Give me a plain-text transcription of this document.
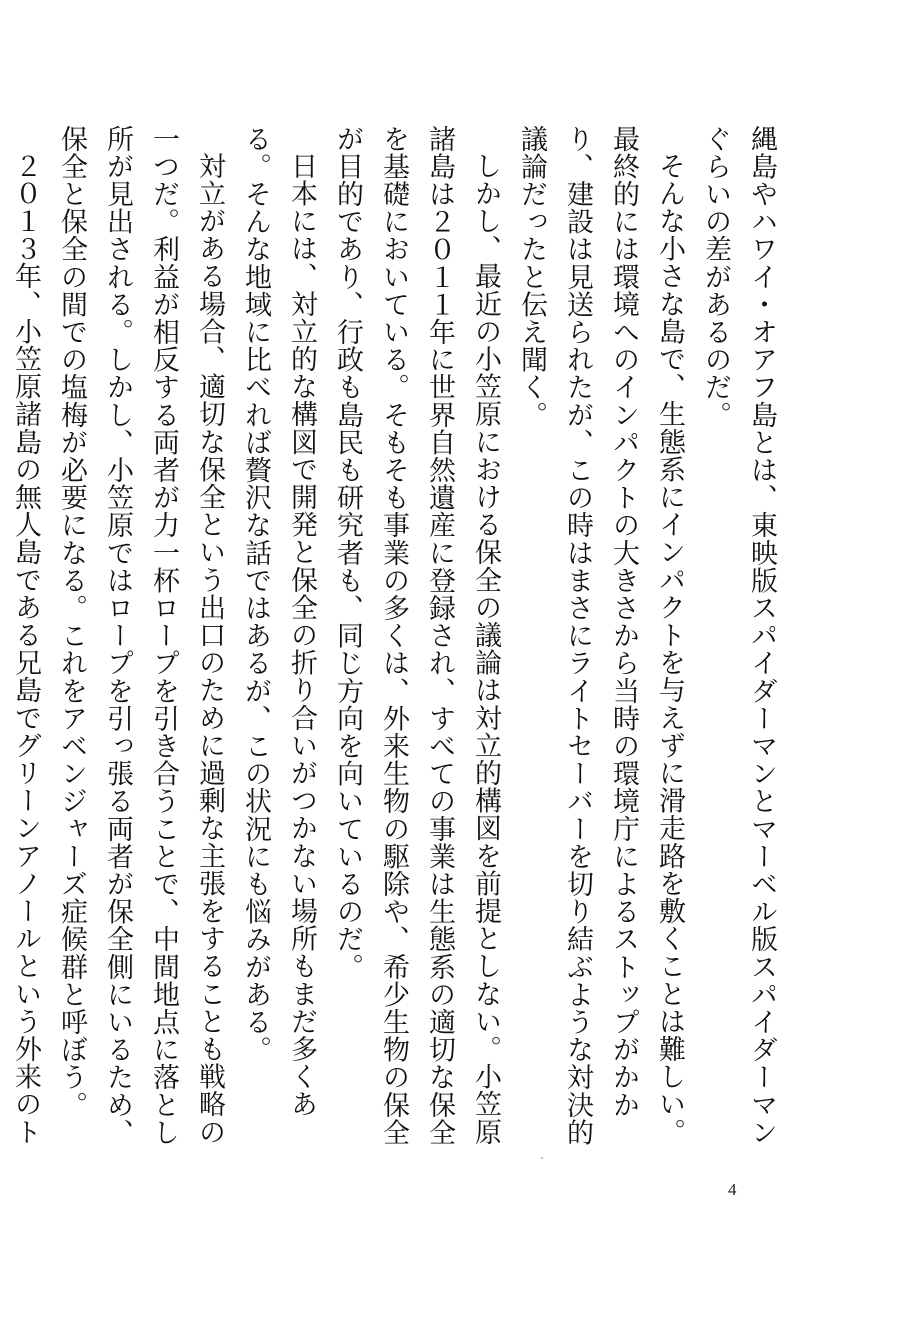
縄島やハワイ・オアフ島とは、東映版スパイダーマンとマーベル版スパイダーマンぐらいの差があるのだ。

そんな小さな島で、生態系にインパクトを与えずに滑走路を敷くことは難しい。最終的には環境へのインパクトの大きさから当時の環境庁によるストップがかかり、建設は見送られたが、この時はまさにライトセーバーを切り結ぶような対決的議論だったと伝え聞く。

しかし、最近の小笠原における保全の議論は対立的構図を前提としない。小笠原諸島は２０１１年に世界自然遺産に登録され、すべての事業は生態系の適切な保全を基礎においている。そもそも事業の多くは、外来生物の駆除や、希少生物の保全が目的であり、行政も島民も研究者も、同じ方向を向いているのだ。

日本には、対立的な構図で開発と保全の折り合いがつかない場所もまだ多くある。そんな地域に比べれば贅沢な話ではあるが、この状況にも悩みがある。

対立がある場合、適切な保全という出口のために過剰な主張をすることも戦略の一つだ。利益が相反する両者が力一杯ロープを引き合うことで、中間地点に落とし所が見出される。しかし、小笠原ではロープを引っ張る両者が保全側にいるため、保全と保全の間での塩梅が必要になる。これをアベンジャーズ症候群と呼ぼう。

２０１３年、小笠原諸島の無人島である兄島でグリーンアノールという外来のト

4
